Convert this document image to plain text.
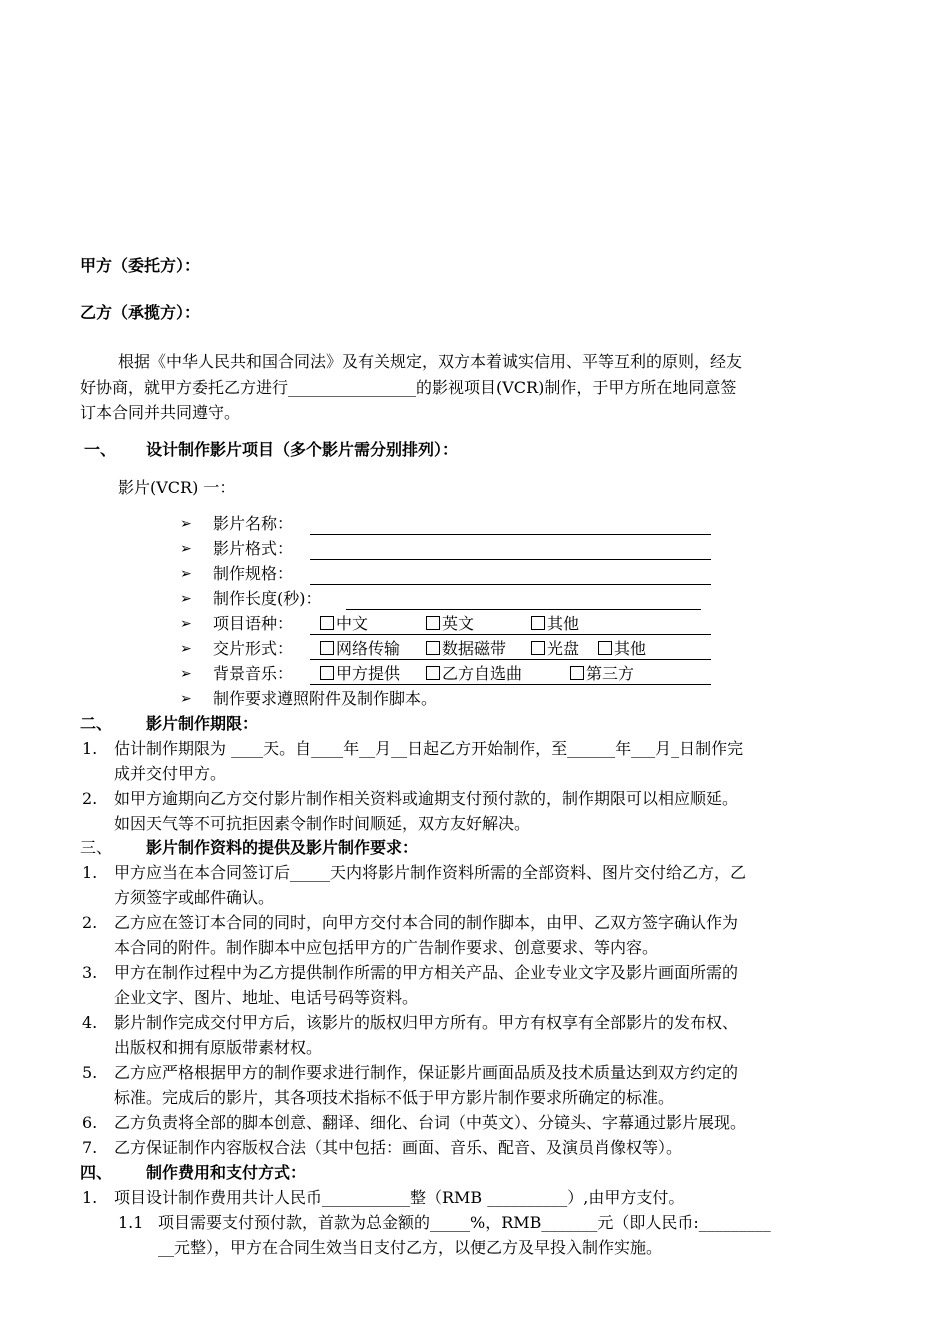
甲方（委托方）：
乙方（承揽方）：
根据《中华人民共和国合同法》及有关规定，双方本着诚实信用、平等互利的原则，经友
好协商，就甲方委托乙方进行________________的影视项目(VCR)制作，于甲方所在地同意签
订本合同并共同遵守。
一、 设计制作影片项目（多个影片需分别排列）：
影片(VCR) 一：
➢ 影片名称：
➢ 影片格式：
➢ 制作规格：
➢ 制作长度(秒)：
➢ 项目语种：	中文	英文	其他
➢ 交片形式：	网络传输	数据磁带	光盘	其他
➢ 背景音乐：	甲方提供	乙方自选曲	第三方
➢ 制作要求遵照附件及制作脚本。
二、 影片制作期限：
1. 估计制作期限为 ____天。自____年__月__日起乙方开始制作，至______年___月_日制作完
成并交付甲方。
2. 如甲方逾期向乙方交付影片制作相关资料或逾期支付预付款的，制作期限可以相应顺延。
如因天气等不可抗拒因素令制作时间顺延，双方友好解决。
三、 影片制作资料的提供及影片制作要求：
1. 甲方应当在本合同签订后_____天内将影片制作资料所需的全部资料、图片交付给乙方，乙
方须签字或邮件确认。
2. 乙方应在签订本合同的同时，向甲方交付本合同的制作脚本，由甲、乙双方签字确认作为
本合同的附件。制作脚本中应包括甲方的广告制作要求、创意要求、等内容。
3. 甲方在制作过程中为乙方提供制作所需的甲方相关产品、企业专业文字及影片画面所需的
企业文字、图片、地址、电话号码等资料。
4. 影片制作完成交付甲方后，该影片的版权归甲方所有。甲方有权享有全部影片的发布权、
出版权和拥有原版带素材权。
5. 乙方应严格根据甲方的制作要求进行制作，保证影片画面品质及技术质量达到双方约定的
标准。完成后的影片，其各项技术指标不低于甲方影片制作要求所确定的标准。
6. 乙方负责将全部的脚本创意、翻译、细化、台词（中英文）、分镜头、字幕通过影片展现。
7. 乙方保证制作内容版权合法（其中包括：画面、音乐、配音、及演员肖像权等）。
四、 制作费用和支付方式：
1. 项目设计制作费用共计人民币___________整（RMB __________）,由甲方支付。
1.1 项目需要支付预付款，首款为总金额的_____%，RMB_______元（即人民币:_________
__元整），甲方在合同生效当日支付乙方，以便乙方及早投入制作实施。
